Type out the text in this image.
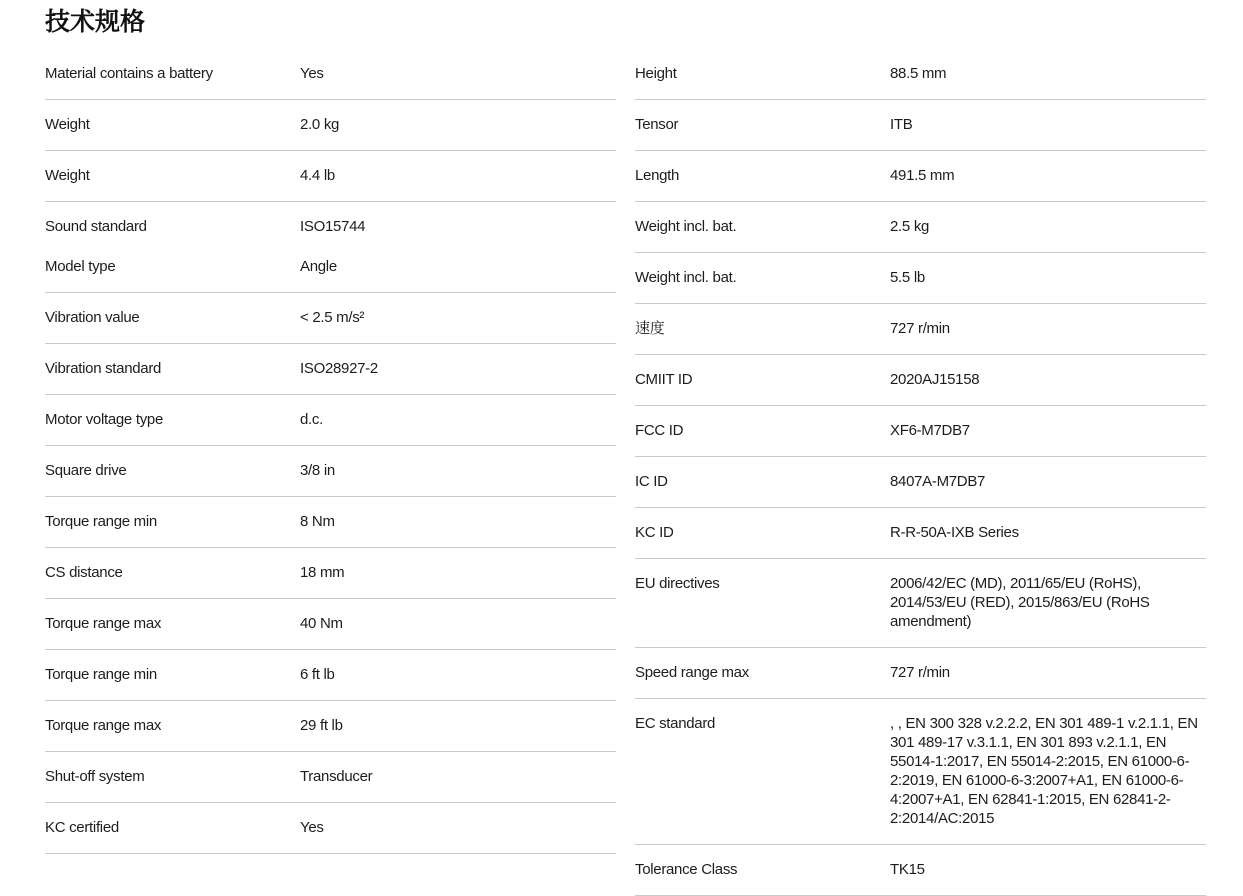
技术规格
Material contains a battery	Yes
Weight	2.0 kg
Weight	4.4 lb
Sound standard	ISO15744
Model type	Angle
Vibration value	< 2.5 m/s²
Vibration standard	ISO28927-2
Motor voltage type	d.c.
Square drive	3/8 in
Torque range min	8 Nm
CS distance	18 mm
Torque range max	40 Nm
Torque range min	6 ft lb
Torque range max	29 ft lb
Shut-off system	Transducer
KC certified	Yes
Height	88.5 mm
Tensor	ITB
Length	491.5 mm
Weight incl. bat.	2.5 kg
Weight incl. bat.	5.5 lb
速度	727 r/min
CMIIT ID	2020AJ15158
FCC ID	XF6-M7DB7
IC ID	8407A-M7DB7
KC ID	R-R-50A-IXB Series
EU directives	2006/42/EC (MD), 2011/65/EU (RoHS), 2014/53/EU (RED), 2015/863/EU (RoHS amendment)
Speed range max	727 r/min
EC standard	, , EN 300 328 v.2.2.2, EN 301 489-1 v.2.1.1, EN 301 489-17 v.3.1.1, EN 301 893 v.2.1.1, EN 55014-1:2017, EN 55014-2:2015, EN 61000-6-2:2019, EN 61000-6-3:2007+A1, EN 61000-6-4:2007+A1, EN 62841-1:2015, EN 62841-2-2:2014/AC:2015
Tolerance Class	TK15
